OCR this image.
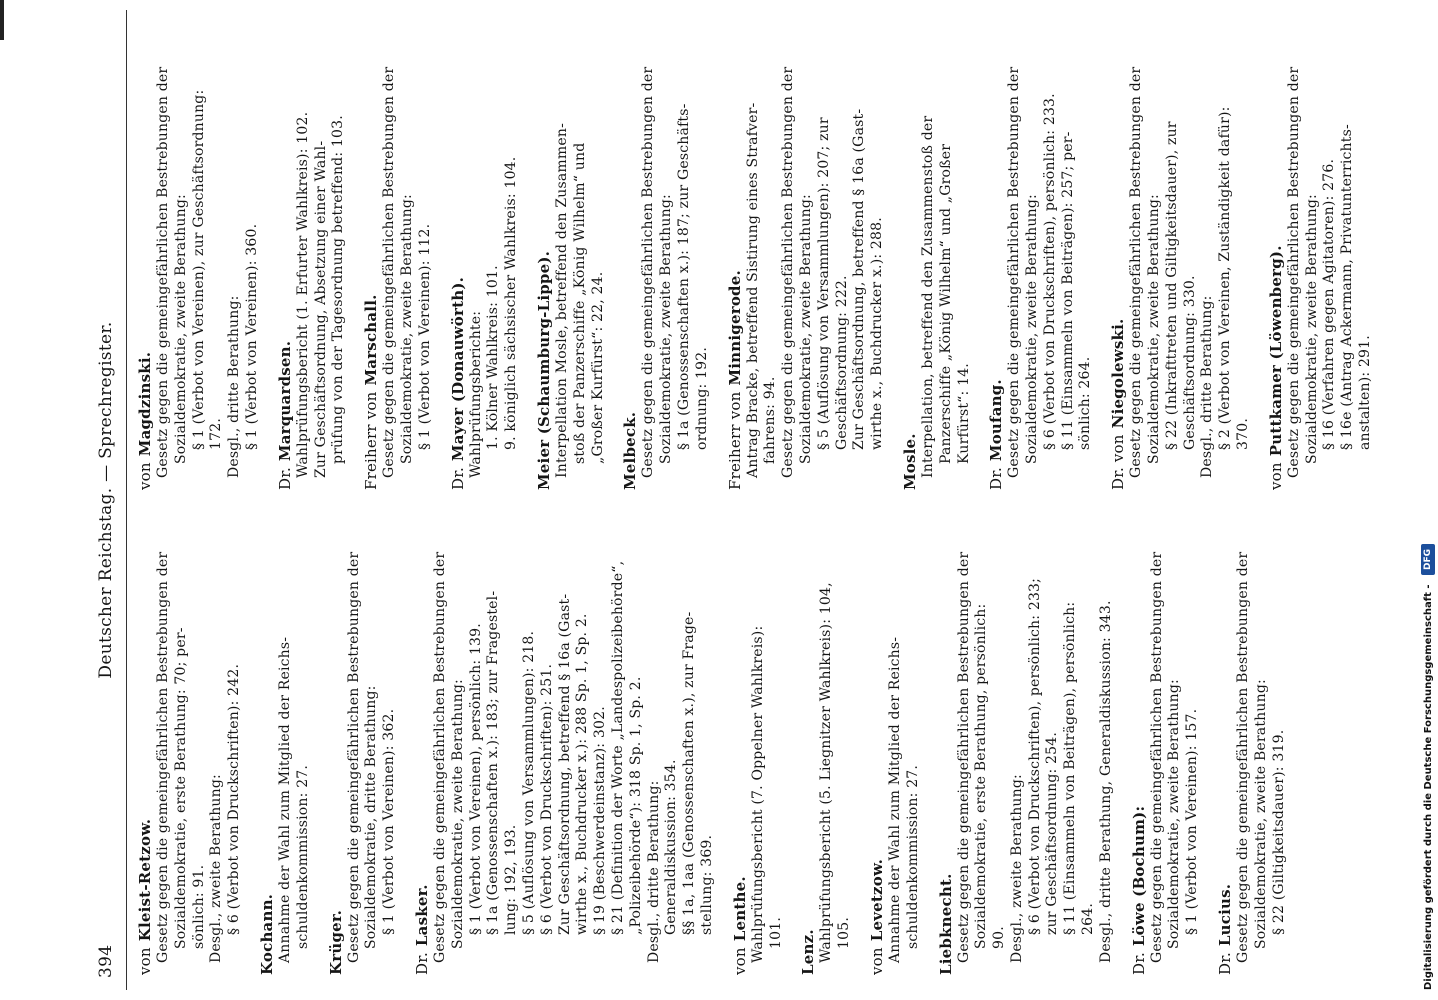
394
Deutscher Reichstag. — Sprechregister.
vonKleist-Retzow. Gesetz gegen die gemeingefährlichen Bestrebungen der Sozialdemokratie, erste Berathung: 70; per- sönlich: 91. Desgl., zweite Berathung: § 6 (Verbot von Druckschriften): 242. Kochann. Annahme der Wahl zum Mitglied der Reichs- schuldenkommission: 27. Krüger. Gesetz gegen die gemeingefährlichen Bestrebungen der Sozialdemokratie, dritte Berathung: § 1 (Verbot von Vereinen): 362.
Dr.Lasker. Gesetz gegen die gemeingefährlichen Bestrebungen der Sozialdemokratie, zweite Berathung: § 1 (Verbot von Vereinen), persönlich: 139. § 1a (Genossenschaften x.): 183; zur Fragestel- lung: 192, 193. § 5 (Auflösung von Versammlungen): 218. § 6 (Verbot von Druckschriften): 251. Zur Geschäftsordnung, betreffend § 16a (Gast- wirthe x., Buchdrucker x.): 288 Sp. 1, Sp. 2. § 19 (Beschwerdeinstanz): 302. § 21 (Definition der Worte „Landespolizeibehörde“, „Polizeibehörde“): 318 Sp. 1, Sp. 2. Desgl., dritte Berathung: Generaldiskussion: 354. §§ 1a, 1aa (Genossenschaften x.), zur Frage- stellung: 369.
vonLenthe. Wahlprüfungsbericht (7. Oppelner Wahlkreis): 101. Lenz. Wahlprüfungsbericht (5. Liegnitzer Wahlkreis): 104, 105.
vonLevetzow. Annahme der Wahl zum Mitglied der Reichs- schuldenkommission: 27. Liebknecht. Gesetz gegen die gemeingefährlichen Bestrebungen der Sozialdemokratie, erste Berathung, persönlich: 90. Desgl., zweite Berathung: § 6 (Verbot von Druckschriften), persönlich: 233; zur Geschäftsordnung: 254. § 11 (Einsammeln von Beiträgen), persönlich: 264. Desgl., dritte Berathung, Generaldiskussion: 343.
Dr.Löwe (Bochum): Gesetz gegen die gemeingefährlichen Bestrebungen der Sozialdemokratie, zweite Berathung: § 1 (Verbot von Vereinen): 157.
Dr.Lucius. Gesetz gegen die gemeingefährlichen Bestrebungen der Sozialdemokratie, zweite Berathung: § 22 (Giltigkeitsdauer): 319.
vonMagdzinski. Gesetz gegen die gemeingefährlichen Bestrebungen der Sozialdemokratie, zweite Berathung: § 1 (Verbot von Vereinen), zur Geschäftsordnung: 172. Desgl., dritte Berathung: § 1 (Verbot von Vereinen): 360.
Dr.Marquardsen. Wahlprüfungsbericht (1. Erfurter Wahlkreis): 102. Zur Geschäftsordnung, Absetzung einer Wahl- prüfung von der Tagesordnung betreffend: 103. Freiherr vonMarschall. Gesetz gegen die gemeingefährlichen Bestrebungen der Sozialdemokratie, zweite Berathung: § 1 (Verbot von Vereinen): 112.
Dr.Mayer (Donauwörth). Wahlprüfungsberichte: 1. Kölner Wahlkreis: 101. 9. königlich sächsischer Wahlkreis: 104. Meier (Schaumburg-Lippe). Interpellation Mosle, betreffend den Zusammen- stoß der Panzerschiffe „König Wilhelm“ und „Großer Kurfürst“: 22, 24. Melbeck. Gesetz gegen die gemeingefährlichen Bestrebungen der Sozialdemokratie, zweite Berathung: § 1a (Genossenschaften x.): 187; zur Geschäfts- ordnung: 192. Freiherr vonMinnigerode. Antrag Bracke, betreffend Sistirung eines Strafver- fahrens: 94. Gesetz gegen die gemeingefährlichen Bestrebungen der Sozialdemokratie, zweite Berathung: § 5 (Auflösung von Versammlungen): 207; zur Geschäftsordnung: 222. Zur Geschäftsordnung, betreffend § 16a (Gast- wirthe x., Buchdrucker x.): 288.
Mosle. Interpellation, betreffend den Zusammenstoß der Panzerschiffe „König Wilhelm“ und „Großer Kurfürst“: 14.
Dr.Moufang. Gesetz gegen die gemeingefährlichen Bestrebungen der Sozialdemokratie, zweite Berathung: § 6 (Verbot von Druckschriften), persönlich: 233. § 11 (Einsammeln von Beiträgen): 257; per- sönlich: 264.
Dr. vonNiegolewski. Gesetz gegen die gemeingefährlichen Bestrebungen der Sozialdemokratie, zweite Berathung: § 22 (Inkrafttreten und Giltigkeitsdauer), zur Geschäftsordnung: 330. Desgl., dritte Berathung: § 2 (Verbot von Vereinen, Zuständigkeit dafür): 370.
vonPuttkamer (Löwenberg). Gesetz gegen die gemeingefährlichen Bestrebungen der Sozialdemokratie, zweite Berathung: § 16 (Verfahren gegen Agitatoren): 276. § 16e (Antrag Ackermann, Privatunterrichts- anstalten): 291.
Digitalisierung gefördert durch die Deutsche Forschungsgemeinschaft - DFG
